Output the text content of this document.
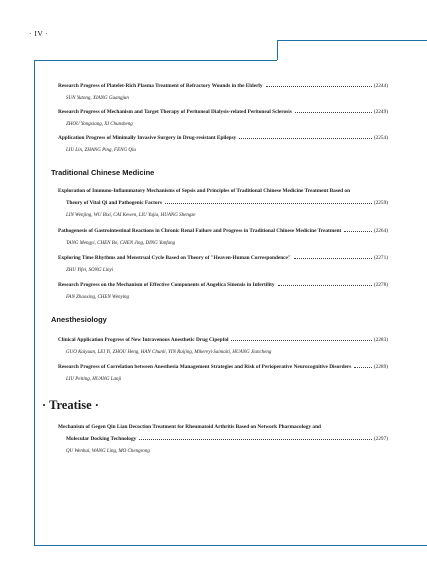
· IV ·
Research Progress of Platelet-Rich Plasma Treatment of Refractory Wounds in the Elderly	(2244)
SUN Yutong, XIANG Guangjun
Research Progress of Mechanism and Target Therapy of Peritoneal Dialysis-related Peritoneal Sclerosis	(2249)
ZHOU Yongxiang, XI Chunsheng
Application Progress of Minimally Invasive Surgery in Drug-resistant Epilepsy	(2254)
LIU Lin, ZHANG Ping, FENG Qiu
Traditional Chinese Medicine
Exploration of Immuno-Inflammatory Mechanisms of Sepsis and Principles of Traditional Chinese Medicine Treatment Based on
Theory of Vital Qi and Pathogenic Factors	(2259)
LIN Wenjing, WU Bixi, CAI Kewen, LIU Yujia, HUANG Shengze
Pathogenesis of Gastrointestinal Reactions in Chronic Renal Failure and Progress in Traditional Chinese Medicine Treatment	(2264)
TANG Mengyi, CHEN Bo, CHEN Jing, DING Yanfang
Exploring Time Rhythms and Menstrual Cycle Based on Theory of "Heaven-Human Correspondence"	(2271)
ZHU Yifei, SONG Linyi
Research Progress on the Mechanism of Effective Components of Angelica Sinensis in Infertility	(2278)
FAN Zhaoxing, CHEN Wenying
Anesthesiology
Clinical Application Progress of New Intravenous Anesthetic Drug Cipepfol	(2283)
GUO Kaiyuan, LEI Yi, ZHOU Heng, HAN Chunli, YIN Ruijing, Mikereyi·Saimaiti, HUANG Jiancheng
Research Progress of Correlation between Anesthesia Management Strategies and Risk of Perioperative Neurocognitive Disorders	(2289)
LIU Peiting, HUANG Lanji
· Treatise ·
Mechanism of Gegen Qin Lian Decoction Treatment for Rheumatoid Arthritis Based on Network Pharmacology and
Molecular Docking Technology	(2297)
QU Wenhui, WANG Ling, MO Chengrong
